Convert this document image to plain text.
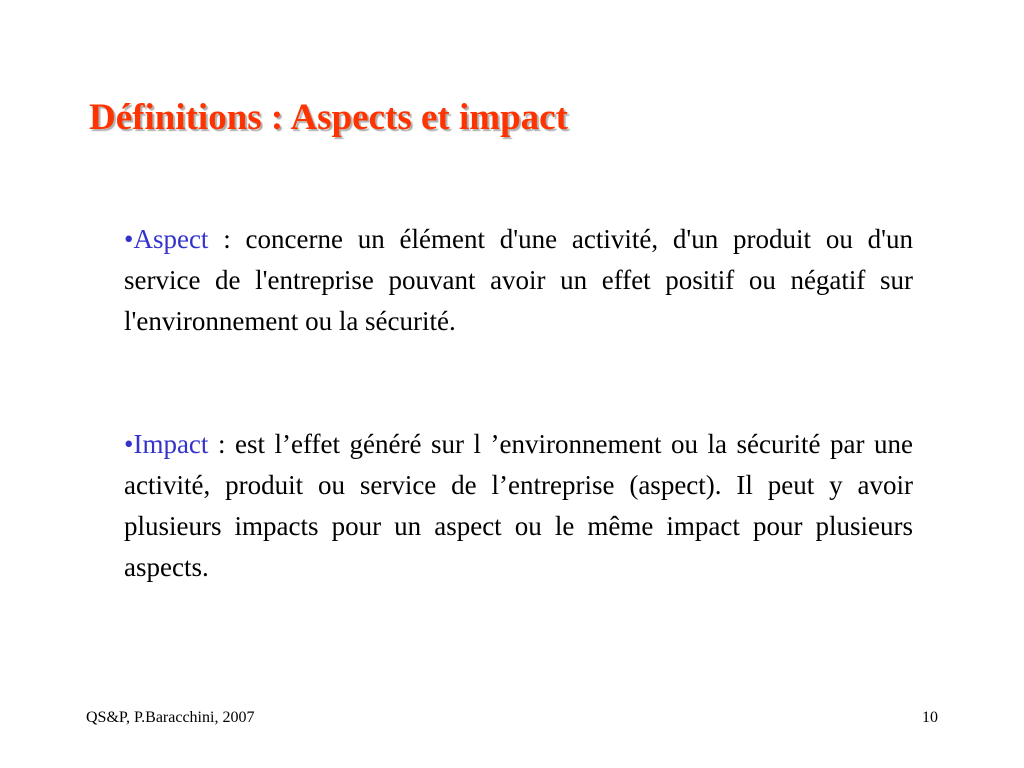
Définitions : Aspects et impact

•Aspect : concerne un élément d'une activité, d'un produit ou d'un service de l'entreprise pouvant avoir un effet positif ou négatif sur l'environnement ou la sécurité.

•Impact : est l’effet généré sur l ’environnement ou la sécurité par une activité, produit ou service de l’entreprise (aspect). Il peut y avoir plusieurs impacts pour un aspect ou le même impact pour plusieurs aspects.

QS&P, P.Baracchini, 2007	10
